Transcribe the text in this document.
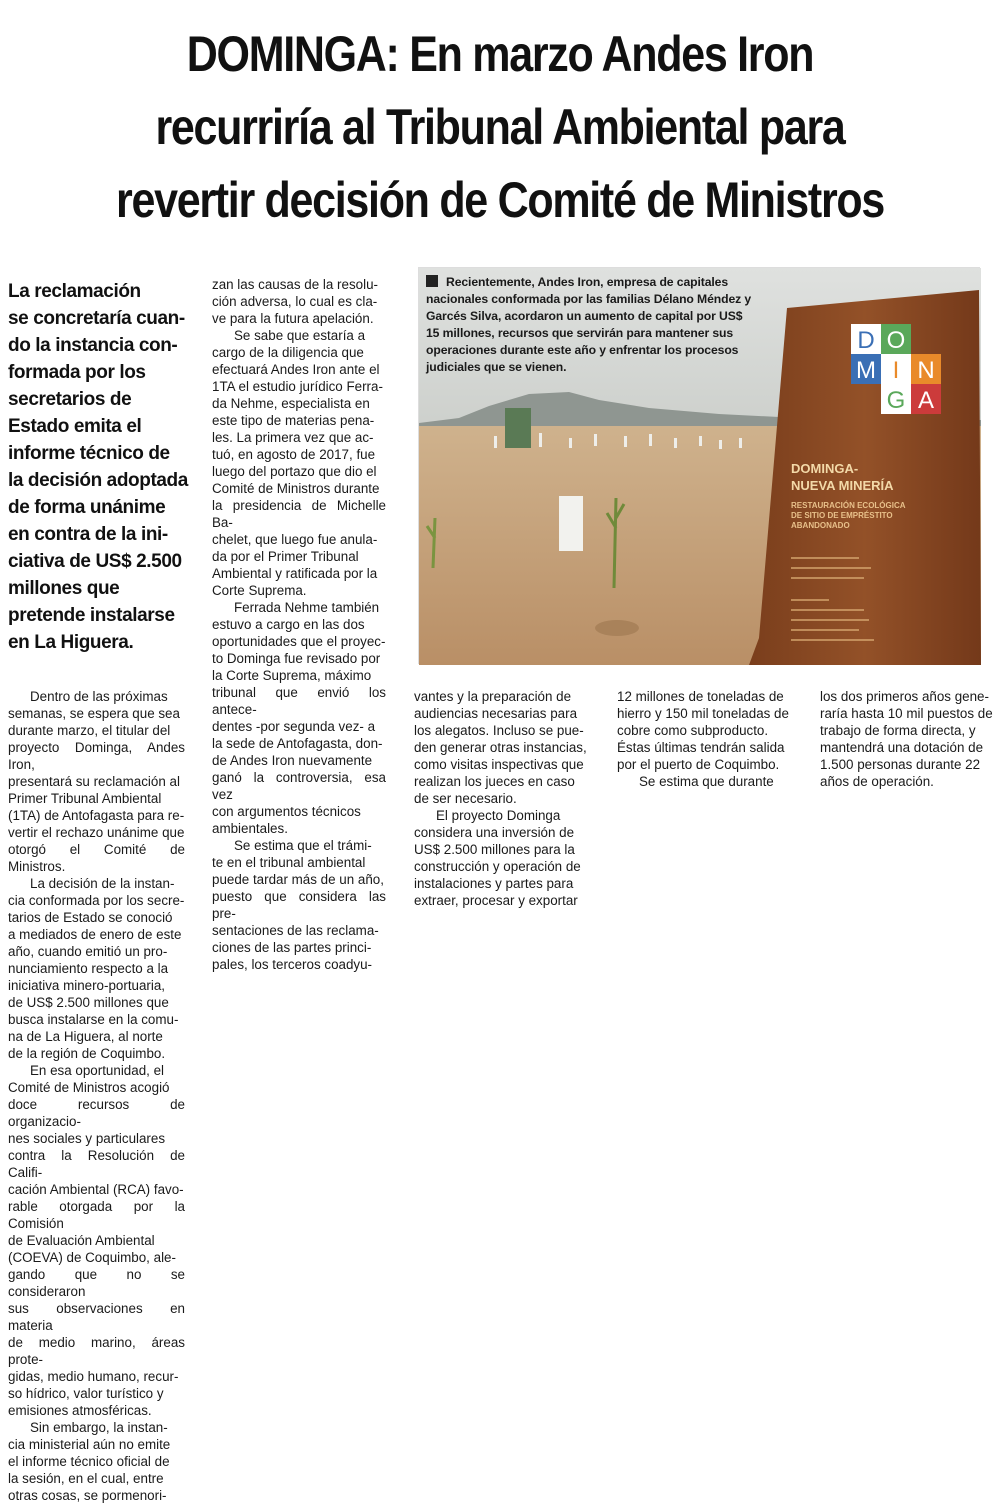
DOMINGA: En marzo Andes Iron
recurriría al Tribunal Ambiental para
revertir decisión de Comité de Ministros
La reclamación
se concretaría cuan-
do la instancia con-
formada por los
secretarios de
Estado emita el
informe técnico de
la decisión adoptada
de forma unánime
en contra de la ini-
ciativa de US$ 2.500
millones que
pretende instalarse
en La Higuera.
D O
M I N
G A
DOMINGA-
NUEVA MINERÍA
RESTAURACIÓN ECOLÓGICA
DE SITIO DE EMPRÉSTITO
ABANDONADO
Recientemente, Andes Iron, empresa de capitales nacionales conformada por las familias Délano Méndez y Garcés Silva, acordaron un aumento de capital por US$ 15 millones, recursos que servirán para mantener sus operaciones durante este año y enfrentar los procesos judiciales que se vienen.

Dentro de las próximas
semanas, se espera que sea
durante marzo, el titular del
proyecto Dominga, Andes Iron,
presentará su reclamación al
Primer Tribunal Ambiental
(1TA) de Antofagasta para re-
vertir el rechazo unánime que
otorgó el Comité de Ministros.

La decisión de la instan-
cia conformada por los secre-
tarios de Estado se conoció
a mediados de enero de este
año, cuando emitió un pro-
nunciamiento respecto a la
iniciativa minero-portuaria,
de US$ 2.500 millones que
busca instalarse en la comu-
na de La Higuera, al norte
de la región de Coquimbo.

En esa oportunidad, el
Comité de Ministros acogió
doce recursos de organizacio-
nes sociales y particulares
contra la Resolución de Califi-
cación Ambiental (RCA) favo-
rable otorgada por la Comisión
de Evaluación Ambiental
(COEVA) de Coquimbo, ale-
gando que no se consideraron
sus observaciones en materia
de medio marino, áreas prote-
gidas, medio humano, recur-
so hídrico, valor turístico y
emisiones atmosféricas.

Sin embargo, la instan-
cia ministerial aún no emite
el informe técnico oficial de
la sesión, en el cual, entre
otras cosas, se pormenori-

zan las causas de la resolu-
ción adversa, lo cual es cla-
ve para la futura apelación.

Se sabe que estaría a
cargo de la diligencia que
efectuará Andes Iron ante el
1TA el estudio jurídico Ferra-
da Nehme, especialista en
este tipo de materias pena-
les. La primera vez que ac-
tuó, en agosto de 2017, fue
luego del portazo que dio el
Comité de Ministros durante
la presidencia de Michelle Ba-
chelet, que luego fue anula-
da por el Primer Tribunal
Ambiental y ratificada por la
Corte Suprema.

Ferrada Nehme también
estuvo a cargo en las dos
oportunidades que el proyec-
to Dominga fue revisado por
la Corte Suprema, máximo
tribunal que envió los antece-
dentes -por segunda vez- a
la sede de Antofagasta, don-
de Andes Iron nuevamente
ganó la controversia, esa vez
con argumentos técnicos
ambientales.

Se estima que el trámi-
te en el tribunal ambiental
puede tardar más de un año,
puesto que considera las pre-
sentaciones de las reclama-
ciones de las partes princi-
pales, los terceros coadyu-

vantes y la preparación de
audiencias necesarias para
los alegatos. Incluso se pue-
den generar otras instancias,
como visitas inspectivas que
realizan los jueces en caso
de ser necesario.

El proyecto Dominga
considera una inversión de
US$ 2.500 millones para la
construcción y operación de
instalaciones y partes para
extraer, procesar y exportar

12 millones de toneladas de
hierro y 150 mil toneladas de
cobre como subproducto.
Éstas últimas tendrán salida
por el puerto de Coquimbo.

Se estima que durante

los dos primeros años gene-
raría hasta 10 mil puestos de
trabajo de forma directa, y
mantendrá una dotación de
1.500 personas durante 22
años de operación.
